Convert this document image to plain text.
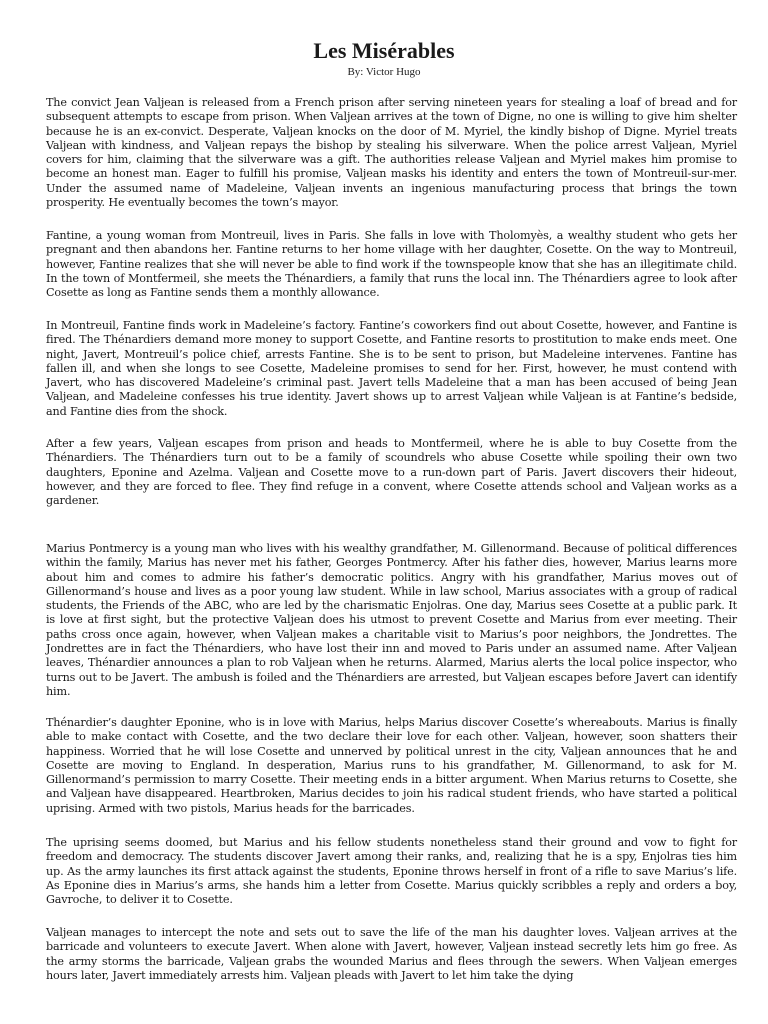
Les Misérables
By: Victor Hugo

The convict Jean Valjean is released from a French prison after serving nineteen years for stealing a loaf of bread and for subsequent attempts to escape from prison. When Valjean arrives at the town of Digne, no one is willing to give him shelter because he is an ex-convict. Desperate, Valjean knocks on the door of M. Myriel, the kindly bishop of Digne. Myriel treats Valjean with kindness, and Valjean repays the bishop by stealing his silverware. When the police arrest Valjean, Myriel covers for him, claiming that the silverware was a gift. The authorities release Valjean and Myriel makes him promise to become an honest man. Eager to fulfill his promise, Valjean masks his identity and enters the town of Montreuil-sur-mer. Under the assumed name of Madeleine, Valjean invents an ingenious manufacturing process that brings the town prosperity. He eventually becomes the town’s mayor.

Fantine, a young woman from Montreuil, lives in Paris. She falls in love with Tholomyès, a wealthy student who gets her pregnant and then abandons her. Fantine returns to her home village with her daughter, Cosette. On the way to Montreuil, however, Fantine realizes that she will never be able to find work if the townspeople know that she has an illegitimate child. In the town of Montfermeil, she meets the Thénardiers, a family that runs the local inn. The Thénardiers agree to look after Cosette as long as Fantine sends them a monthly allowance.

In Montreuil, Fantine finds work in Madeleine’s factory. Fantine’s coworkers find out about Cosette, however, and Fantine is fired. The Thénardiers demand more money to support Cosette, and Fantine resorts to prostitution to make ends meet. One night, Javert, Montreuil’s police chief, arrests Fantine. She is to be sent to prison, but Madeleine intervenes. Fantine has fallen ill, and when she longs to see Cosette, Madeleine promises to send for her. First, however, he must contend with Javert, who has discovered Madeleine’s criminal past. Javert tells Madeleine that a man has been accused of being Jean Valjean, and Madeleine confesses his true identity. Javert shows up to arrest Valjean while Valjean is at Fantine’s bedside, and Fantine dies from the shock.

After a few years, Valjean escapes from prison and heads to Montfermeil, where he is able to buy Cosette from the Thénardiers. The Thénardiers turn out to be a family of scoundrels who abuse Cosette while spoiling their own two daughters, Eponine and Azelma. Valjean and Cosette move to a run-down part of Paris. Javert discovers their hideout, however, and they are forced to flee. They find refuge in a convent, where Cosette attends school and Valjean works as a gardener.

Marius Pontmercy is a young man who lives with his wealthy grandfather, M. Gillenormand. Because of political differences within the family, Marius has never met his father, Georges Pontmercy. After his father dies, however, Marius learns more about him and comes to admire his father’s democratic politics. Angry with his grandfather, Marius moves out of Gillenormand’s house and lives as a poor young law student. While in law school, Marius associates with a group of radical students, the Friends of the ABC, who are led by the charismatic Enjolras. One day, Marius sees Cosette at a public park. It is love at first sight, but the protective Valjean does his utmost to prevent Cosette and Marius from ever meeting. Their paths cross once again, however, when Valjean makes a charitable visit to Marius’s poor neighbors, the Jondrettes. The Jondrettes are in fact the Thénardiers, who have lost their inn and moved to Paris under an assumed name. After Valjean leaves, Thénardier announces a plan to rob Valjean when he returns. Alarmed, Marius alerts the local police inspector, who turns out to be Javert. The ambush is foiled and the Thénardiers are arrested, but Valjean escapes before Javert can identify him.

Thénardier’s daughter Eponine, who is in love with Marius, helps Marius discover Cosette’s whereabouts. Marius is finally able to make contact with Cosette, and the two declare their love for each other. Valjean, however, soon shatters their happiness. Worried that he will lose Cosette and unnerved by political unrest in the city, Valjean announces that he and Cosette are moving to England. In desperation, Marius runs to his grandfather, M. Gillenormand, to ask for M. Gillenormand’s permission to marry Cosette. Their meeting ends in a bitter argument. When Marius returns to Cosette, she and Valjean have disappeared. Heartbroken, Marius decides to join his radical student friends, who have started a political uprising. Armed with two pistols, Marius heads for the barricades.

The uprising seems doomed, but Marius and his fellow students nonetheless stand their ground and vow to fight for freedom and democracy. The students discover Javert among their ranks, and, realizing that he is a spy, Enjolras ties him up. As the army launches its first attack against the students, Eponine throws herself in front of a rifle to save Marius’s life. As Eponine dies in Marius’s arms, she hands him a letter from Cosette. Marius quickly scribbles a reply and orders a boy, Gavroche, to deliver it to Cosette.

Valjean manages to intercept the note and sets out to save the life of the man his daughter loves. Valjean arrives at the barricade and volunteers to execute Javert. When alone with Javert, however, Valjean instead secretly lets him go free. As the army storms the barricade, Valjean grabs the wounded Marius and flees through the sewers. When Valjean emerges hours later, Javert immediately arrests him. Valjean pleads with Javert to let him take the dying
